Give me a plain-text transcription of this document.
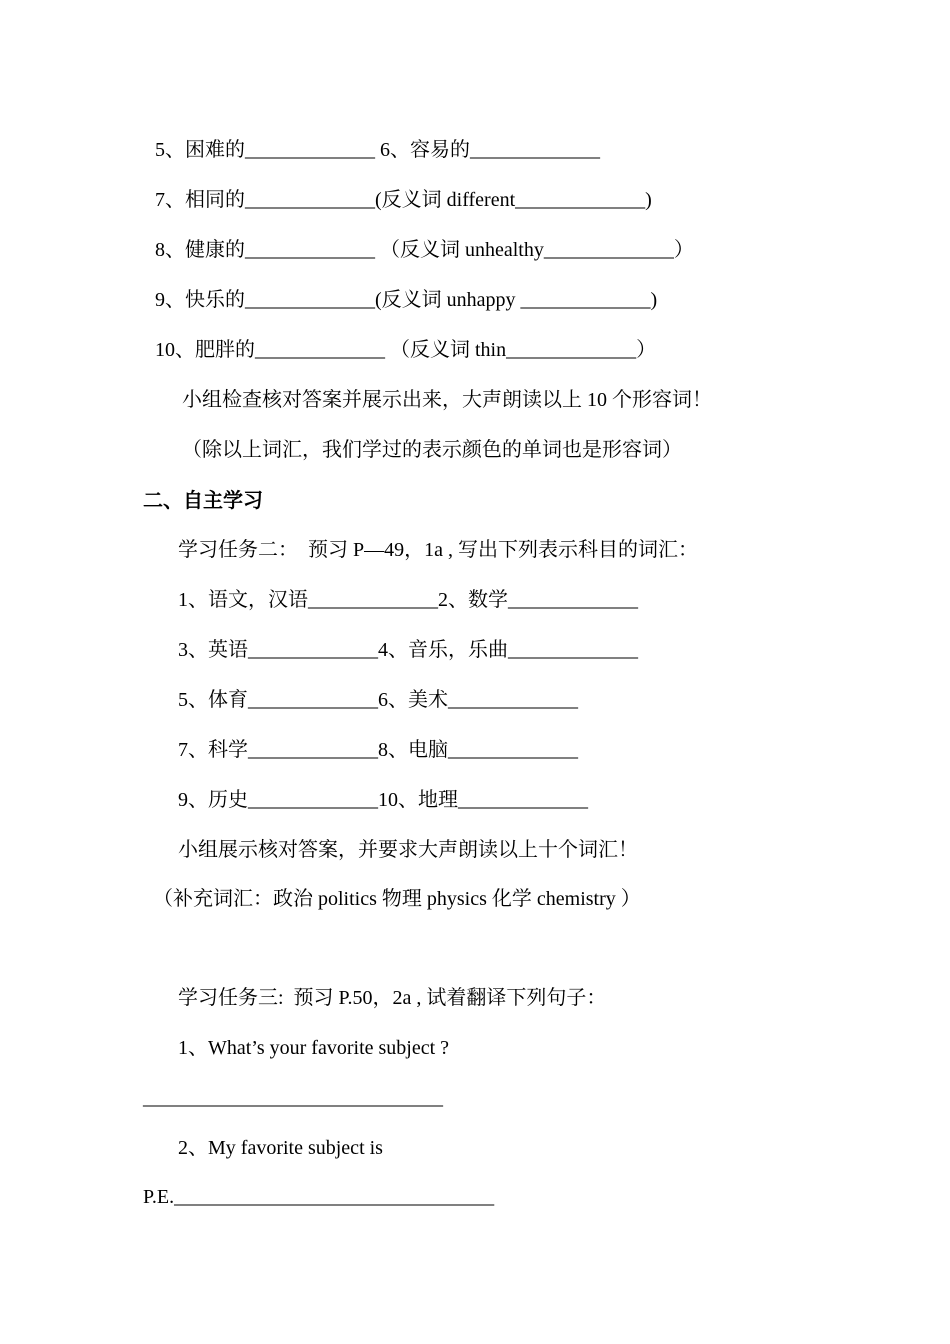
5、困难的_____________ 6、容易的_____________
7、相同的_____________(反义词 different_____________)
8、健康的_____________ （反义词 unhealthy_____________）
9、快乐的_____________(反义词 unhappy _____________)
10、肥胖的_____________ （反义词 thin_____________）
小组检查核对答案并展示出来，大声朗读以上 10 个形容词！
（除以上词汇，我们学过的表示颜色的单词也是形容词）
二、自主学习
学习任务二：  预习 P—49，1a , 写出下列表示科目的词汇：
1、语文，汉语_____________2、数学_____________
3、英语_____________4、音乐，乐曲_____________
5、体育_____________6、美术_____________
7、科学_____________8、电脑_____________
9、历史_____________10、地理_____________
小组展示核对答案，并要求大声朗读以上十个词汇！
（补充词汇：政治 politics 物理 physics 化学 chemistry ）
学习任务三:  预习 P.50，2a , 试着翻译下列句子：
1、What’s your favorite subject ?
______________________________
2、My favorite subject is
P.E.________________________________
